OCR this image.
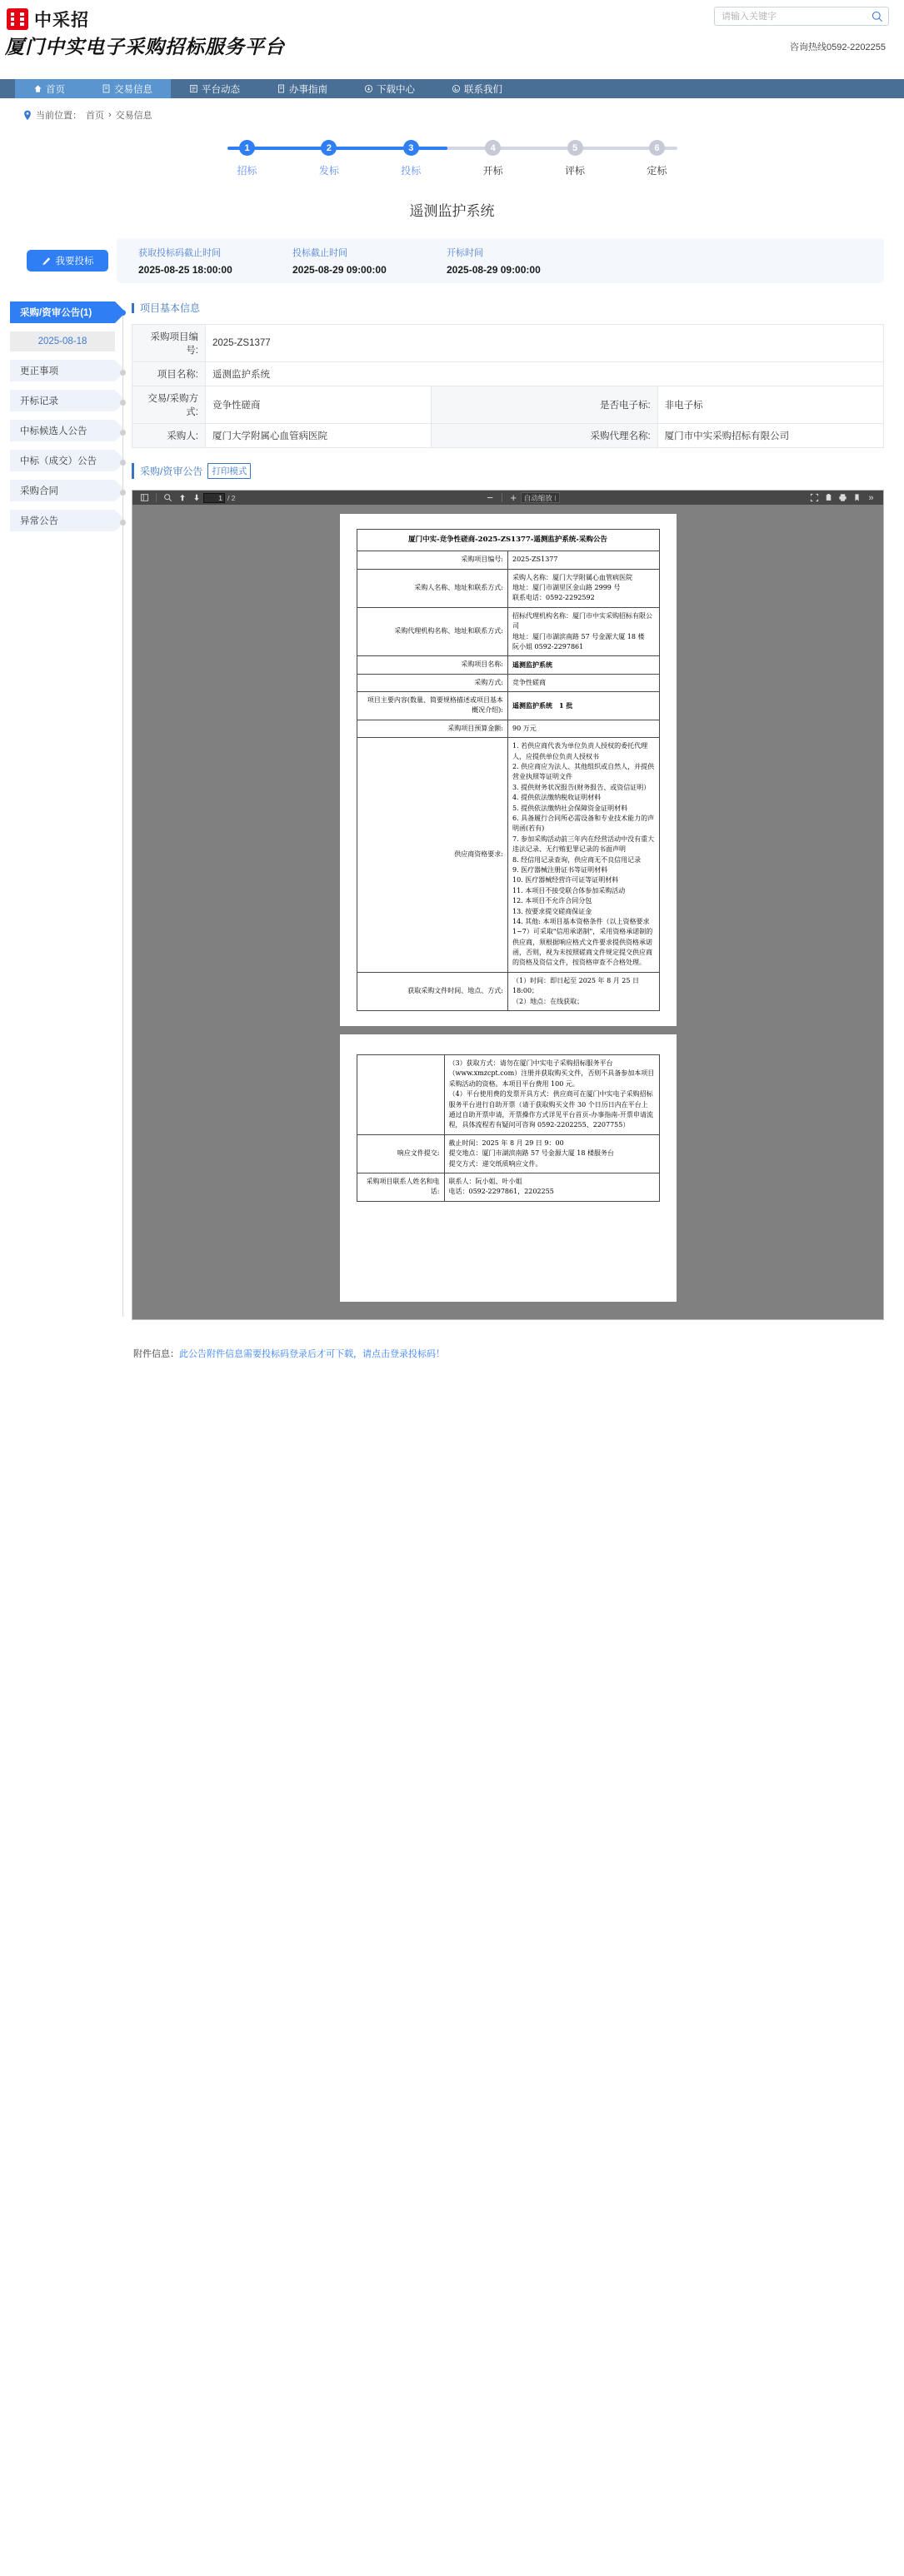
中采招
厦门中实电子采购招标服务平台
请输入关键字	咨询热线0592-2202255
首页	交易信息	平台动态	办事指南	下载中心	联系我们
当前位置： 首页 › 交易信息
1
招标
2
发标
3
投标
4
开标
5
评标
6
定标
遥测监护系统
我要投标
获取投标码截止时间
2025-08-25 18:00:00
投标截止时间
2025-08-29 09:00:00
开标时间
2025-08-29 09:00:00
采购/资审公告(1)
2025-08-18
更正事项
开标记录
中标候选人公告
中标（成交）公告
采购合同
异常公告
项目基本信息
采购项目编号:	2025-ZS1377		
项目名称:	遥测监护系统		
交易/采购方式:	竞争性磋商	是否电子标:	非电子标
采购人:	厦门大学附属心血管病医院	采购代理名称:	厦门市中实采购招标有限公司
采购/资审公告	打印模式
1
/ 2	−	+	自动缩放 ⁝	»
厦门中实-竞争性磋商-2025-ZS1377-遥测监护系统-采购公告	
采购项目编号:	2025-ZS1377
采购人名称、地址和联系方式:	采购人名称：厦门大学附属心血管病医院
地址：厦门市湖里区金山路 2999 号
联系电话：0592-2292592

采购代理机构名称、地址和联系方式:	招标代理机构名称：厦门市中实采购招标有限公司
地址：厦门市湖滨南路 57 号金源大厦 18 楼
阮小姐 0592-2297861

采购项目名称:	遥测监护系统
采购方式:	竞争性磋商
项目主要内容(数量、简要规格描述或项目基本概况介绍):	遥测监护系统　1 批
采购项目预算金额:	90 万元
供应商资格要求:	
1. 若供应商代表为单位负责人授权的委托代理人，应提供单位负责人授权书
2. 供应商应为法人、其他组织或自然人，并提供营业执照等证明文件
3. 提供财务状况报告(财务报告、或资信证明）
4. 提供依法缴纳税收证明材料
5. 提供依法缴纳社会保障资金证明材料
6. 具备履行合同所必需设备和专业技术能力的声明函(若有)
7. 参加采购活动前三年内在经营活动中没有重大违法记录、无行贿犯罪记录的书面声明
8. 经信用记录查询，供应商无不良信用记录
9. 医疗器械注册证书等证明材料
10. 医疗器械经营许可证等证明材料
11. 本项目不接受联合体参加采购活动
12. 本项目不允许合同分包
13. 按要求提交磋商保证金
14. 其他: 本项目基本资格条件（以上资格要求 1~7）可采取"信用承诺制"，采用资格承诺制的供应商，须根据响应格式文件要求提供资格承诺函，否则，视为未按照磋商文件规定提交供应商的资格及资信文件，按资格审查不合格处理。

获取采购文件时间、地点、方式:	（1）时间：即日起至 2025 年 8 月 25 日 18:00；
（2）地点：在线获取；

	（3）获取方式：请勿在厦门中实电子采购招标服务平台（www.xmzcpt.com）注册并获取购买文件，否则不具备参加本项目采购活动的资格。本项目平台费用 100 元。
（4）平台使用费的发票开具方式：供应商可在厦门中实电子采购招标服务平台进行自助开票（请于获取购买文件 30 个日历日内在平台上通过自助开票申请，开票操作方式详见平台首页-办事指南-开票申请流程，具体流程若有疑问可咨询 0592-2202255、2207755）

响应文件提交:	截止时间：2025 年 8 月 29 日 9：00
提交地点：厦门市湖滨南路 57 号金源大厦 18 楼服务台
提交方式：递交纸质响应文件。

采购项目联系人姓名和电话:	联系人：阮小姐、叶小姐
电话：0592-2297861，2202255
附件信息：此公告附件信息需要投标码登录后才可下载，请点击登录投标码！
